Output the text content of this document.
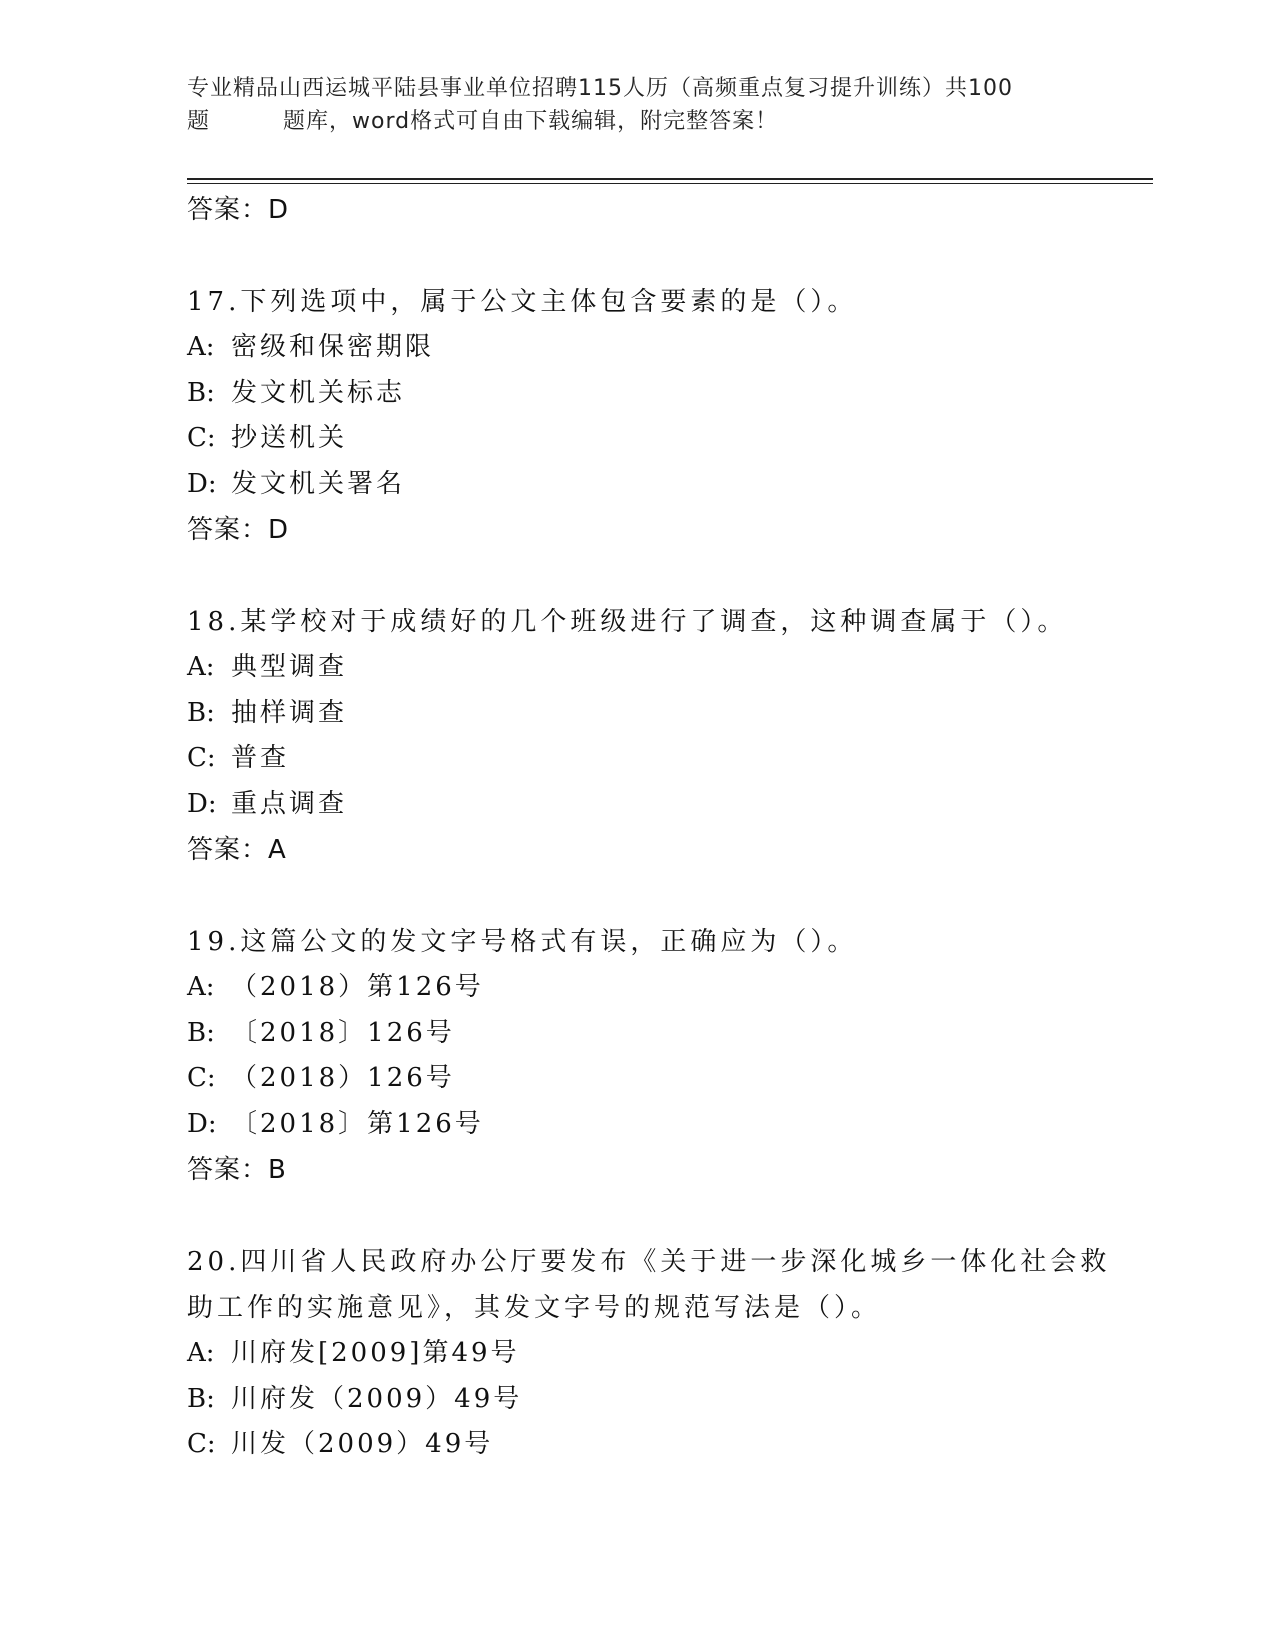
专业精品山西运城平陆县事业单位招聘115人历（高频重点复习提升训练）共100
题	题库，word格式可自由下载编辑，附完整答案！
答案：D
17.下列选项中，属于公文主体包含要素的是（）。
A: 密级和保密期限
B: 发文机关标志
C: 抄送机关
D: 发文机关署名
答案：D
18.某学校对于成绩好的几个班级进行了调查，这种调查属于（）。
A: 典型调查
B: 抽样调查
C: 普查
D: 重点调查
答案：A
19.这篇公文的发文字号格式有误，正确应为（）。
A: （2018）第126号
B: 〔2018〕126号
C: （2018）126号
D: 〔2018〕第126号
答案：B
20.四川省人民政府办公厅要发布《关于进一步深化城乡一体化社会救助工作的实施意见》，其发文字号的规范写法是（）。
A: 川府发[2009]第49号
B: 川府发（2009）49号
C: 川发（2009）49号
